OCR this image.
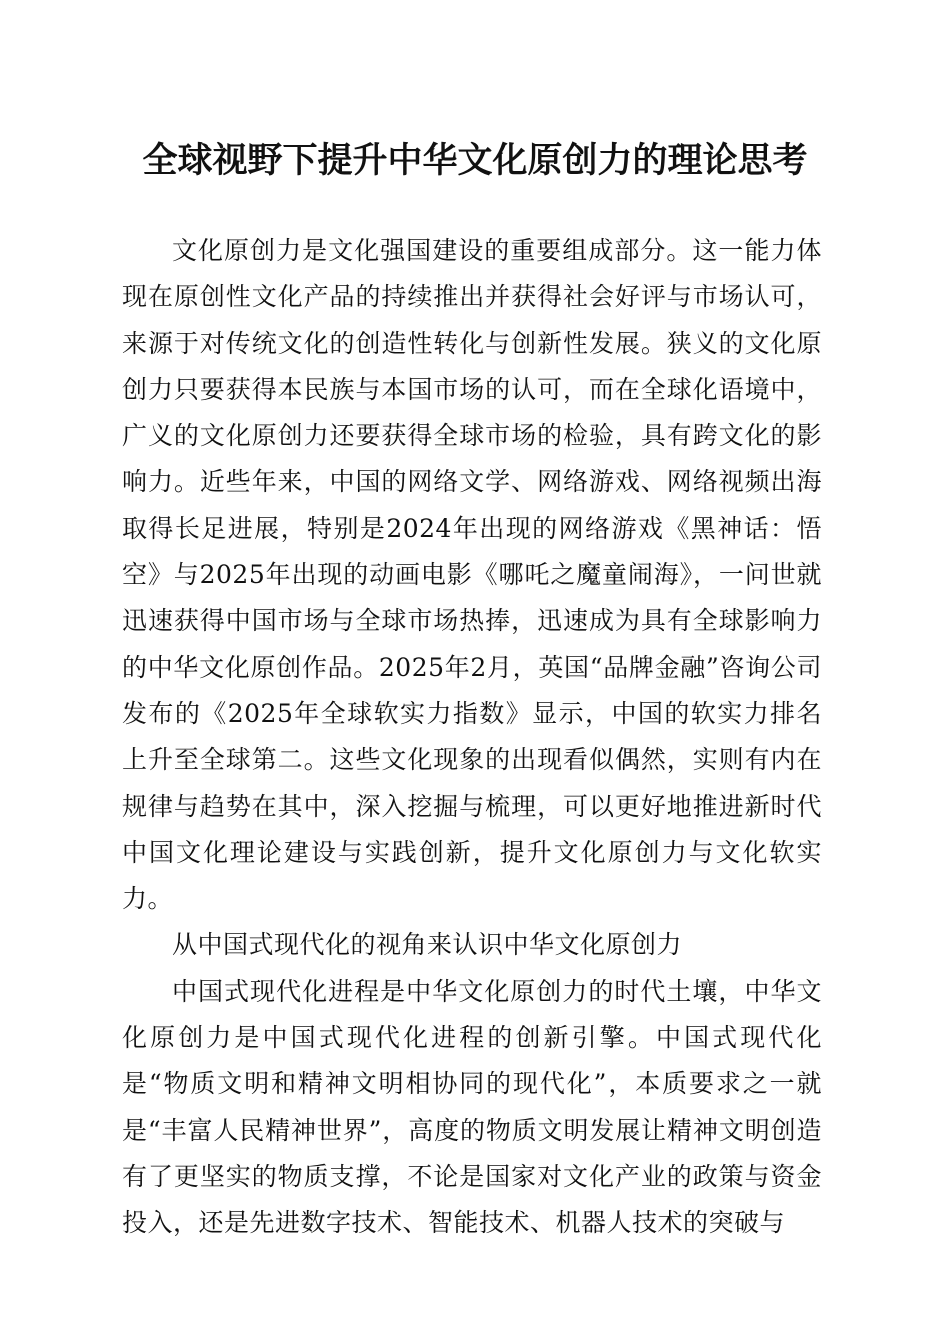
全球视野下提升中华文化原创力的理论思考

文化原创力是文化强国建设的重要组成部分。这一能力体现在原创性文化产品的持续推出并获得社会好评与市场认可，来源于对传统文化的创造性转化与创新性发展。狭义的文化原创力只要获得本民族与本国市场的认可，而在全球化语境中，广义的文化原创力还要获得全球市场的检验，具有跨文化的影响力。近些年来，中国的网络文学、网络游戏、网络视频出海取得长足进展，特别是2024年出现的网络游戏《黑神话：悟空》与2025年出现的动画电影《哪吒之魔童闹海》，一问世就迅速获得中国市场与全球市场热捧，迅速成为具有全球影响力的中华文化原创作品。2025年2月，英国“品牌金融”咨询公司发布的《2025年全球软实力指数》显示，中国的软实力排名上升至全球第二。这些文化现象的出现看似偶然，实则有内在规律与趋势在其中，深入挖掘与梳理，可以更好地推进新时代中国文化理论建设与实践创新，提升文化原创力与文化软实力。

从中国式现代化的视角来认识中华文化原创力

中国式现代化进程是中华文化原创力的时代土壤，中华文化原创力是中国式现代化进程的创新引擎。中国式现代化是“物质文明和精神文明相协同的现代化”，本质要求之一就是“丰富人民精神世界”，高度的物质文明发展让精神文明创造有了更坚实的物质支撑，不论是国家对文化产业的政策与资金投入，还是先进数字技术、智能技术、机器人技术的突破与
